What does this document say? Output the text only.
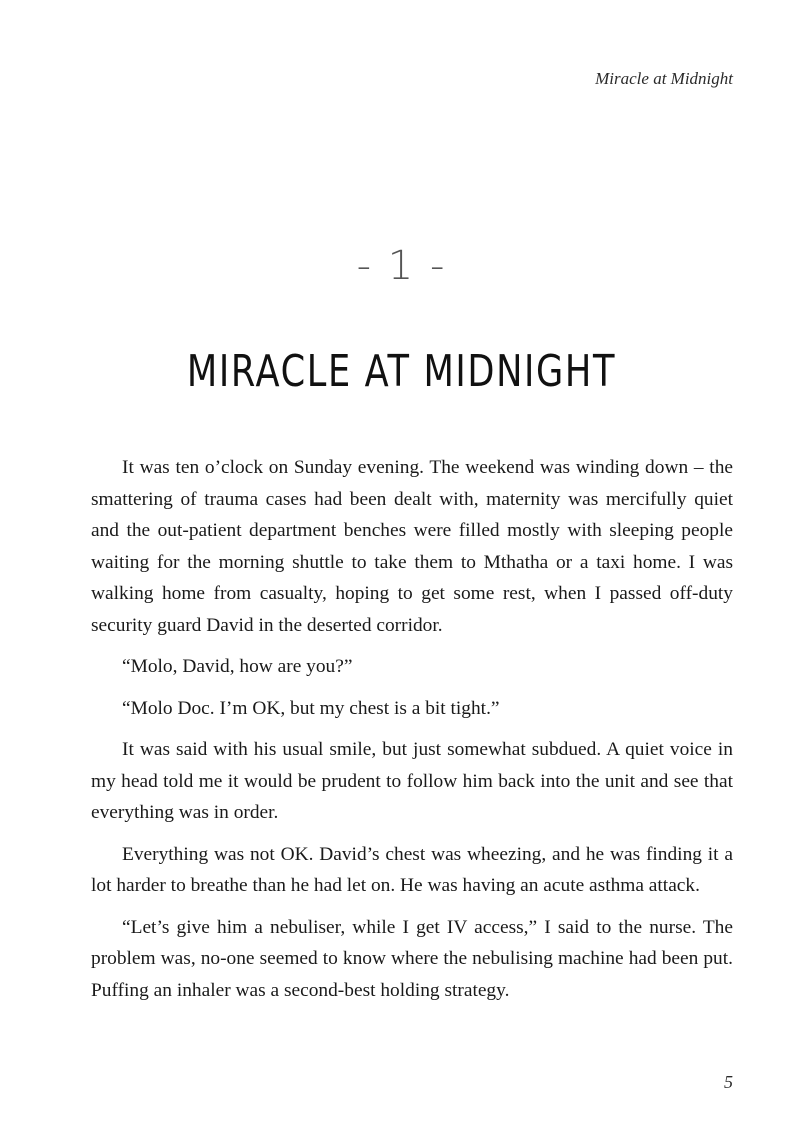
Miracle at Midnight

- 1 -
MIRACLE AT MIDNIGHT

It was ten o’clock on Sunday evening. The weekend was winding down – the smattering of trauma cases had been dealt with, maternity was mercifully quiet and the out-patient department benches were filled mostly with sleeping people waiting for the morning shuttle to take them to Mthatha or a taxi home. I was walking home from casualty, hoping to get some rest, when I passed off-duty security guard David in the deserted corridor.

“Molo, David, how are you?”

“Molo Doc. I’m OK, but my chest is a bit tight.”

It was said with his usual smile, but just somewhat subdued. A quiet voice in my head told me it would be prudent to follow him back into the unit and see that everything was in order.

Everything was not OK. David’s chest was wheezing, and he was finding it a lot harder to breathe than he had let on. He was having an acute asthma attack.

“Let’s give him a nebuliser, while I get IV access,” I said to the nurse. The problem was, no-one seemed to know where the nebulising machine had been put. Puffing an inhaler was a second-best holding strategy.

5
